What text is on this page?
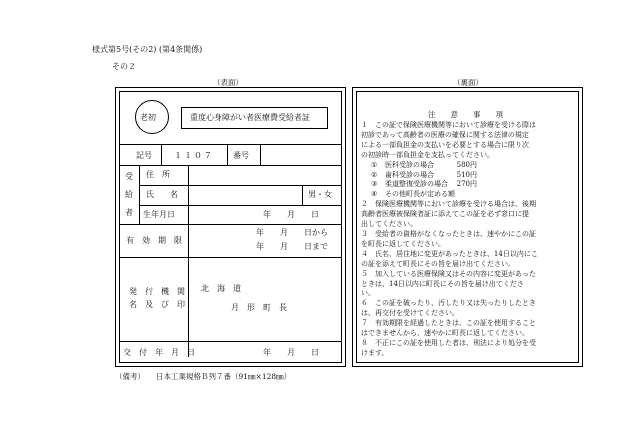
様式第5号(その2) (第4条関係)
その２
（表面）
老初	重度心身障がい者医療費受給者証
記号	１１０７ 番号
受
給
者
住　所
氏　　名	男・女
生年月日	年　　月　　日
有　効　期　限
年　　月　　日から
年　　月　　日まで
発　行　機　関
名　及　び　印
北　海　道
月　形　町　長
交　付　年　月　日	年　　月　　日
（裏面）
注　　意　　事　　項
１　この証で保険医療機関等において診療を受ける際は
初診であって高齢者の医療の確保に関する法律の規定
による一部負担金の支払いを必要とする場合に限り次
の初診時一部負担金を支払ってください。
① 医科受診の場合	580円
② 歯科受診の場合	510円
③ 柔道整復受診の場合 270円
④ その他町長が定める額
２　保険医療機関等において診療を受ける場合は、後期
高齢者医療被保険者証に添えてこの証を必ず窓口に提
出してください。
３　受給者の資格がなくなったときは、速やかにこの証
を町長に返してください。
４　氏名、居住地に変更があったときは、14日以内にこ
の証を添えて町長にその旨を届け出てください。
５　加入している医療保険又はその内容に変更があった
ときは、14日以内に町長にその旨を届け出てくださ
い。
６　この証を破ったり、汚したり又は失ったりしたとき
は、再交付を受けてください。
７　有効期限を経過したときは、この証を使用すること
はできませんから、速やかに町長に返してください。
８　不正にこの証を使用した者は、刑法により処分を受
けます。
（備考） 日本工業規格Ｂ列７番（91㎜×128㎜）
